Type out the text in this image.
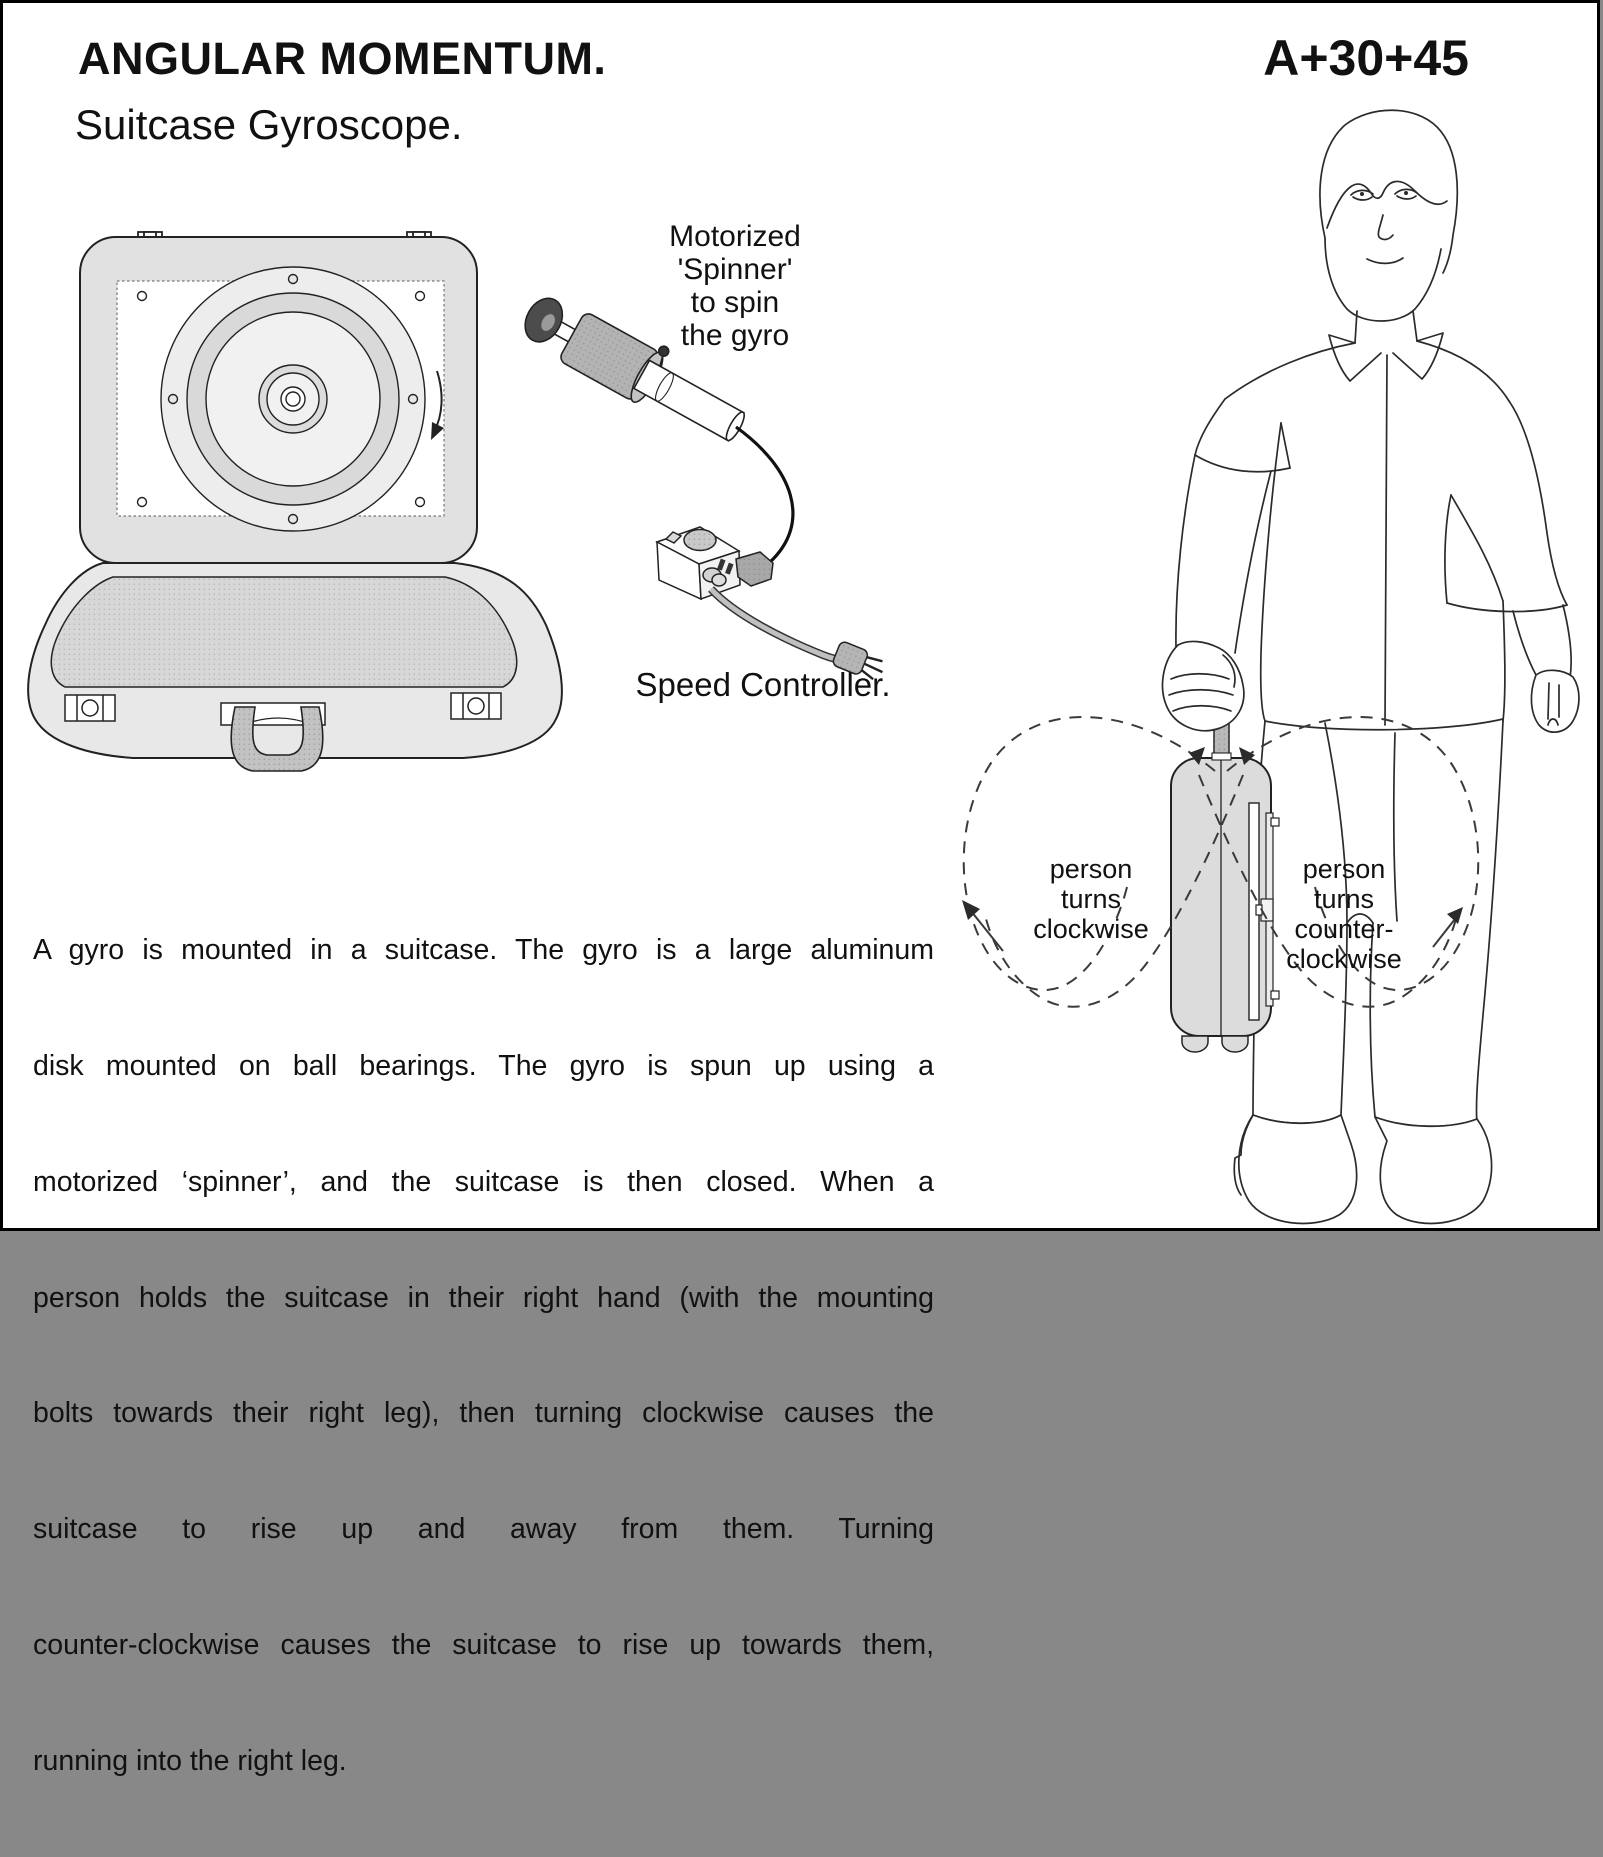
ANGULAR MOMENTUM.
Suitcase Gyroscope.
A+30+45
Motorized
'Spinner'
to spin
the gyro
Speed Controller.
person
turns
clockwise
person
turns
counter-
clockwise

A gyro is mounted in a suitcase. The gyro is a large aluminum

disk mounted on ball bearings. The gyro is spun up using a

motorized ‘spinner’, and the suitcase is then closed. When a

person holds the suitcase in their right hand (with the mounting

bolts towards their right leg), then turning clockwise causes the

suitcase to rise up and away from them. Turning

counter-clockwise causes the suitcase to rise up towards them,

running into the right leg.
